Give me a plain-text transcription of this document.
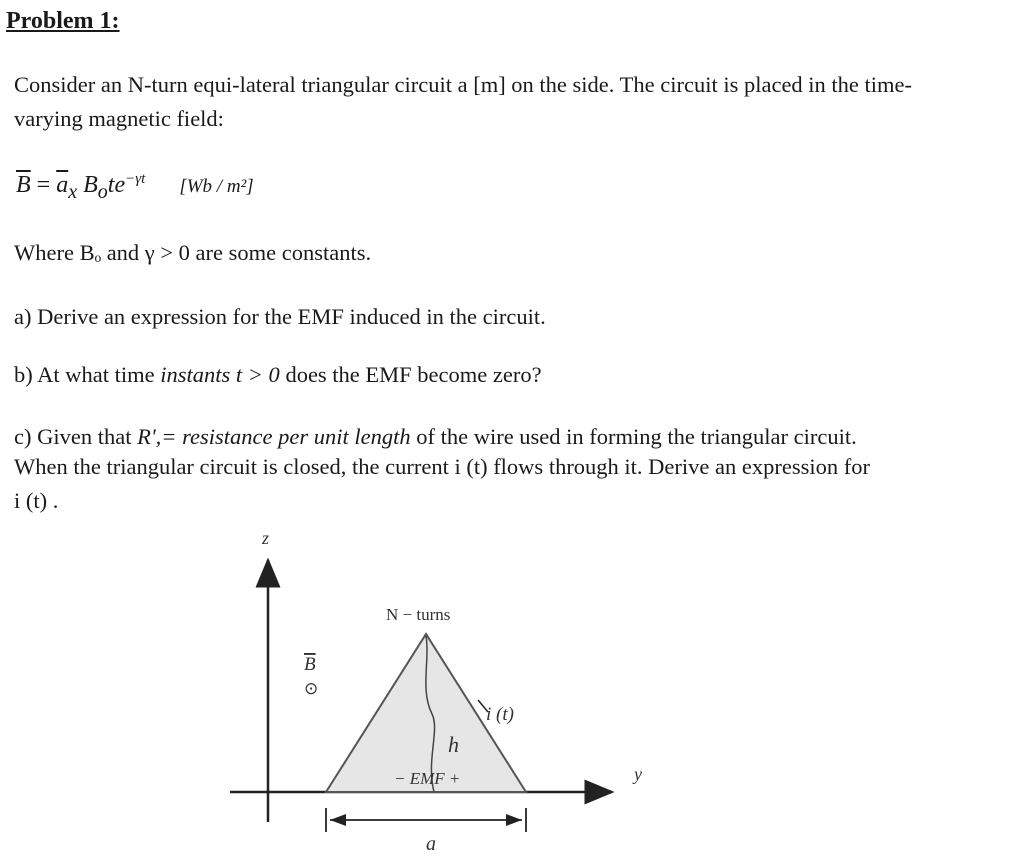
Problem 1:

Consider an N-turn equi-lateral triangular circuit a [m] on the side. The circuit is placed in the time-

varying magnetic field:

$\overline{B} = \overline{a}_x$ $B_ote^{-\gamma t}$ [Wb / m²]

Where Bₒ and γ > 0 are some constants.

a) Derive an expression for the EMF induced in the circuit.

b) At what time instants t > 0 does the EMF become zero?

c) Given that R',= resistance per unit length of the wire used in forming the triangular circuit.

When the triangular circuit is closed, the current i (t) flows through it. Derive an expression for

i (t) .

z
y
h
N − turns
B
⊙
i (t)
− EMF +
a
